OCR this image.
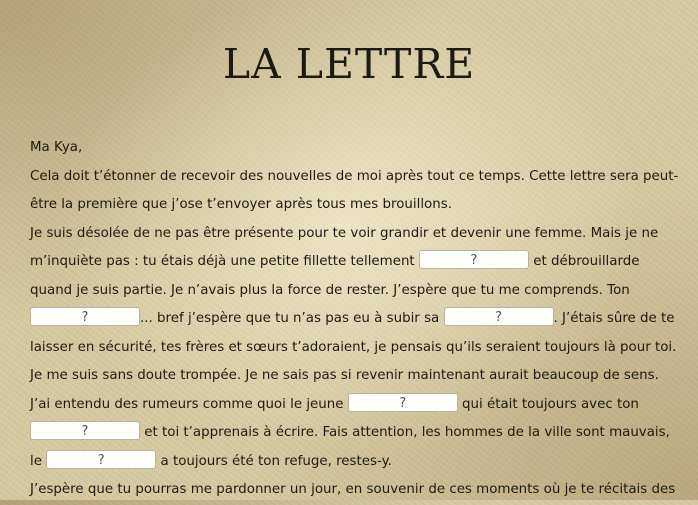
LA LETTRE

Ma Kya,

Cela doit t’étonner de recevoir des nouvelles de moi après tout ce temps. Cette lettre sera peut-être la première que j’ose t’envoyer après tous mes brouillons.

Je suis désolée de ne pas être présente pour te voir grandir et devenir une femme. Mais je ne m’inquiète pas : tu étais déjà une petite fillette tellement	?	et débrouillarde quand je suis partie. Je n’avais plus la force de rester. J’espère que tu me comprends. Ton ?	... bref j’espère que tu n’as pas eu à subir sa	?	. J’étais sûre de te laisser en sécurité, tes frères et sœurs t’adoraient, je pensais qu’ils seraient toujours là pour toi. Je me suis sans doute trompée. Je ne sais pas si revenir maintenant aurait beaucoup de sens.

J’ai entendu des rumeurs comme quoi le jeune	?	qui était toujours avec ton ?	et toi t’apprenais à écrire. Fais attention, les hommes de la ville sont mauvais, le	?	a toujours été ton refuge, restes-y.

J’espère que tu pourras me pardonner un jour, en souvenir de ces moments où je te récitais des
